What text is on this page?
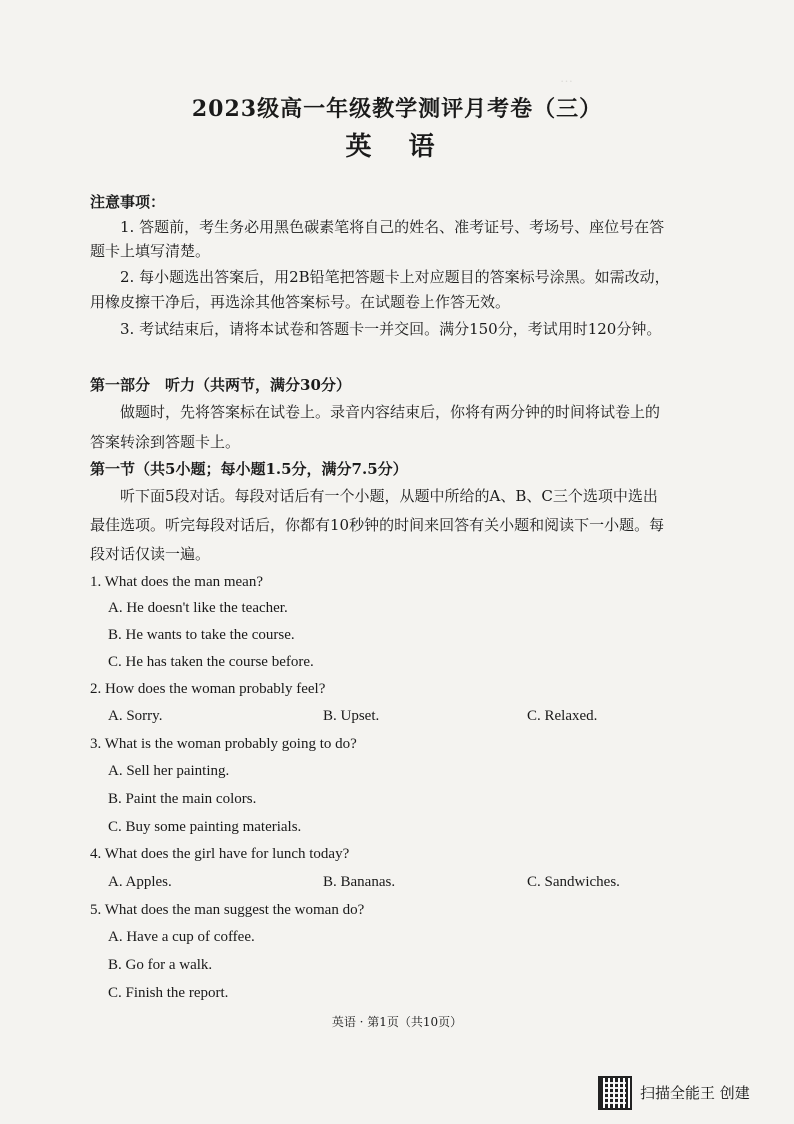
…
2023级高一年级教学测评月考卷（三）
英 语
注意事项：
1. 答题前，考生务必用黑色碳素笔将自己的姓名、准考证号、考场号、座位号在答
题卡上填写清楚。
2. 每小题选出答案后，用2B铅笔把答题卡上对应题目的答案标号涂黑。如需改动，
用橡皮擦干净后，再选涂其他答案标号。在试题卷上作答无效。
3. 考试结束后，请将本试卷和答题卡一并交回。满分150分，考试用时120分钟。
第一部分　听力（共两节，满分30分）
做题时，先将答案标在试卷上。录音内容结束后，你将有两分钟的时间将试卷上的
答案转涂到答题卡上。
第一节（共5小题；每小题1.5分，满分7.5分）
听下面5段对话。每段对话后有一个小题，从题中所给的A、B、C三个选项中选出
最佳选项。听完每段对话后，你都有10秒钟的时间来回答有关小题和阅读下一小题。每
段对话仅读一遍。
1. What does the man mean?
A. He doesn't like the teacher.
B. He wants to take the course.
C. He has taken the course before.
2. How does the woman probably feel?
A. Sorry.	B. Upset.	C. Relaxed.
3. What is the woman probably going to do?
A. Sell her painting.
B. Paint the main colors.
C. Buy some painting materials.
4. What does the girl have for lunch today?
A. Apples.	B. Bananas.	C. Sandwiches.
5. What does the man suggest the woman do?
A. Have a cup of coffee.
B. Go for a walk.
C. Finish the report.
英语 · 第1页（共10页）
扫描全能王 创建
